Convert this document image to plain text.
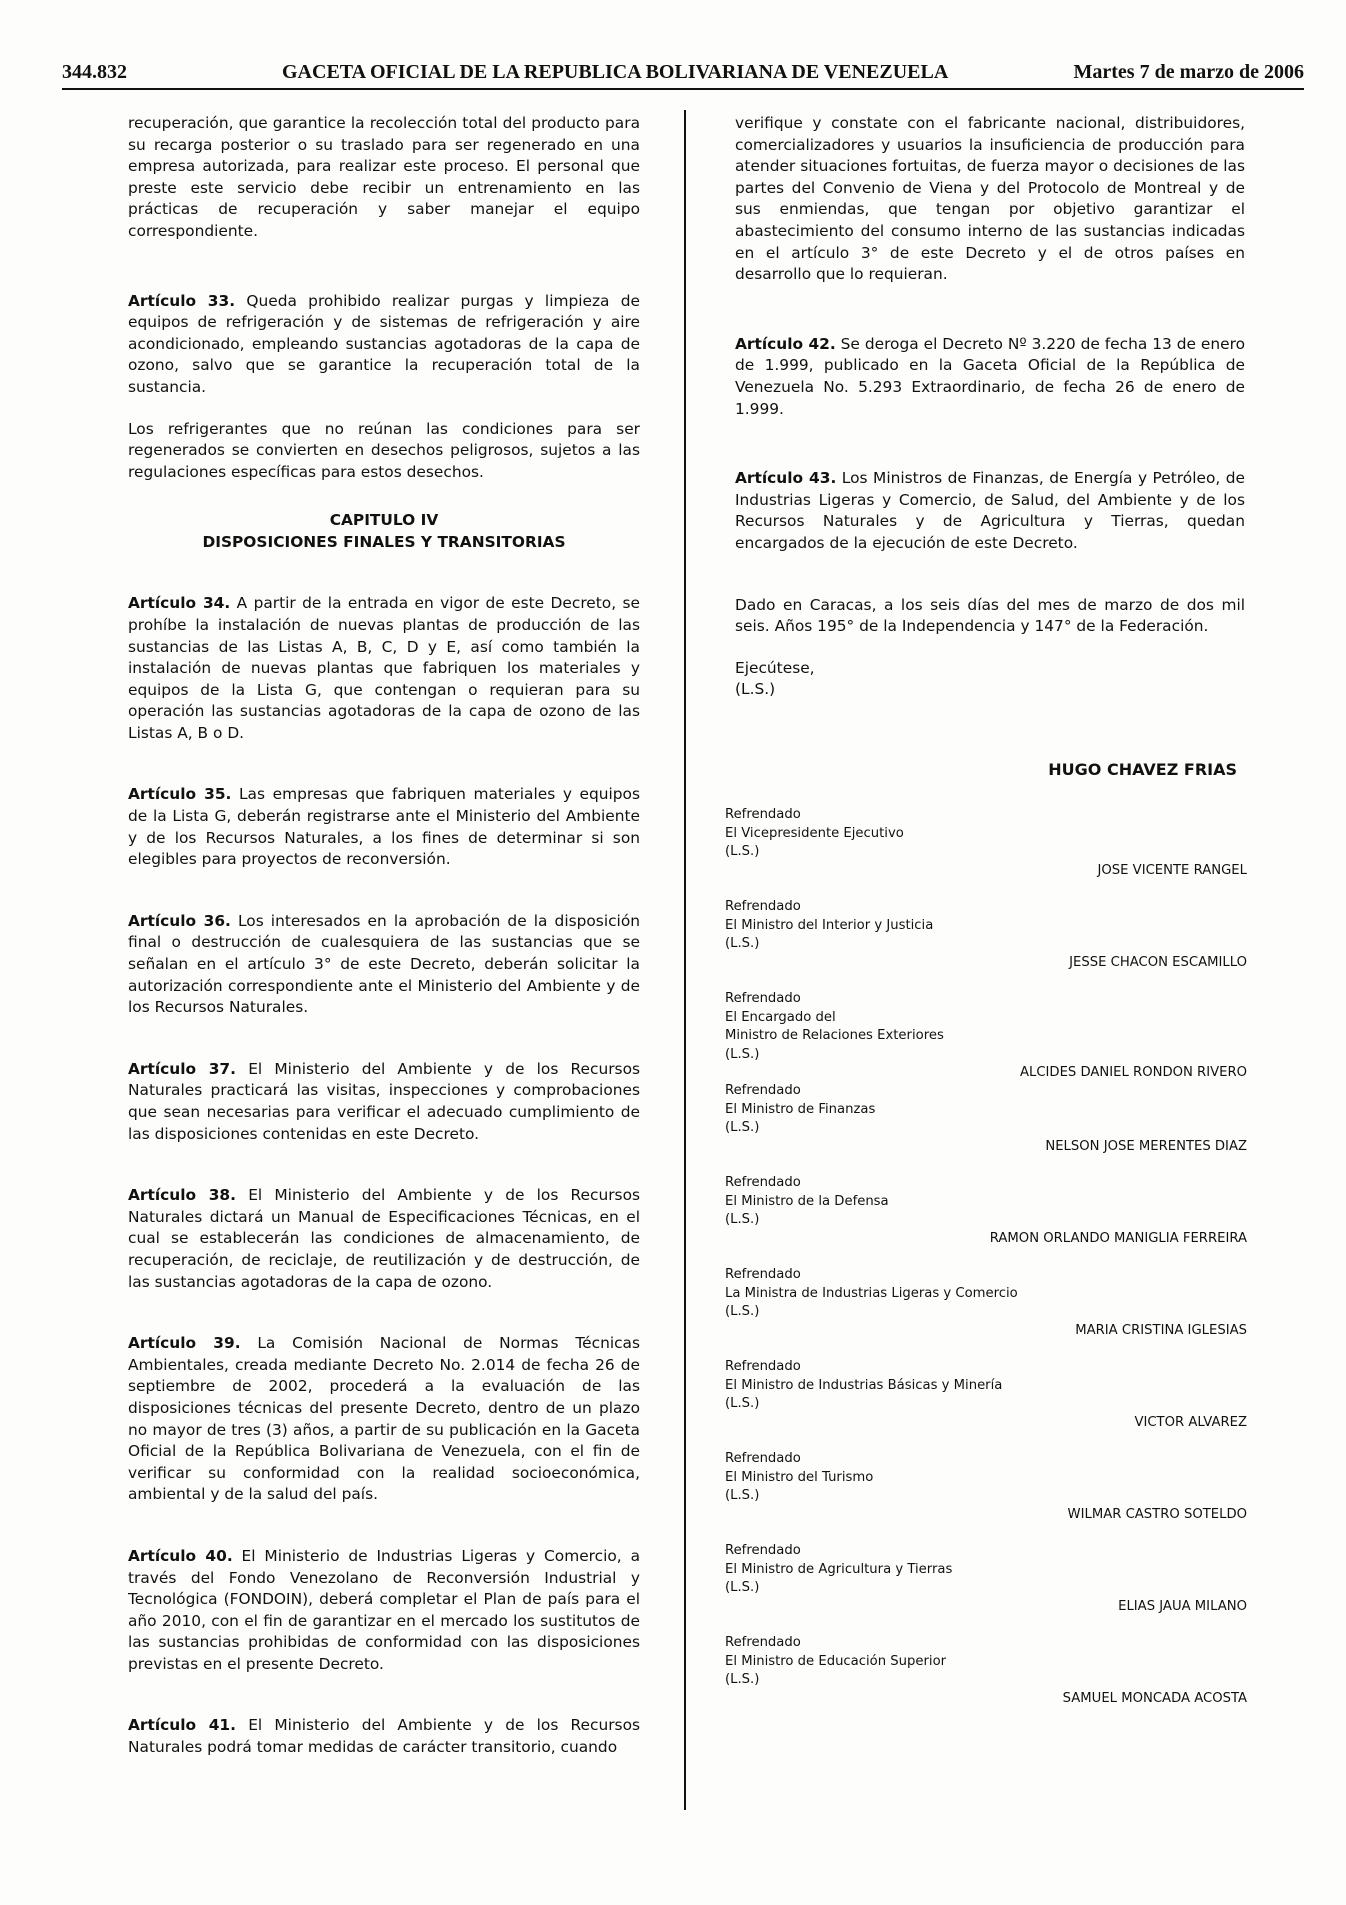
344.832	GACETA OFICIAL DE LA REPUBLICA BOLIVARIANA DE VENEZUELA	Martes 7 de marzo de 2006

recuperación, que garantice la recolección total del producto para su recarga posterior o su traslado para ser regenerado en una empresa autorizada, para realizar este proceso. El personal que preste este servicio debe recibir un entrenamiento en las prácticas de recuperación y saber manejar el equipo correspondiente.

Artículo 33. Queda prohibido realizar purgas y limpieza de equipos de refrigeración y de sistemas de refrigeración y aire acondicionado, empleando sustancias agotadoras de la capa de ozono, salvo que se garantice la recuperación total de la sustancia.

Los refrigerantes que no reúnan las condiciones para ser regenerados se convierten en desechos peligrosos, sujetos a las regulaciones específicas para estos desechos.

CAPITULO IV
DISPOSICIONES FINALES Y TRANSITORIAS

Artículo 34. A partir de la entrada en vigor de este Decreto, se prohíbe la instalación de nuevas plantas de producción de las sustancias de las Listas A, B, C, D y E, así como también la instalación de nuevas plantas que fabriquen los materiales y equipos de la Lista G, que contengan o requieran para su operación las sustancias agotadoras de la capa de ozono de las Listas A, B o D.

Artículo 35. Las empresas que fabriquen materiales y equipos de la Lista G, deberán registrarse ante el Ministerio del Ambiente y de los Recursos Naturales, a los fines de determinar si son elegibles para proyectos de reconversión.

Artículo 36. Los interesados en la aprobación de la disposición final o destrucción de cualesquiera de las sustancias que se señalan en el artículo 3° de este Decreto, deberán solicitar la autorización correspondiente ante el Ministerio del Ambiente y de los Recursos Naturales.

Artículo 37. El Ministerio del Ambiente y de los Recursos Naturales practicará las visitas, inspecciones y comprobaciones que sean necesarias para verificar el adecuado cumplimiento de las disposiciones contenidas en este Decreto.

Artículo 38. El Ministerio del Ambiente y de los Recursos Naturales dictará un Manual de Especificaciones Técnicas, en el cual se establecerán las condiciones de almacenamiento, de recuperación, de reciclaje, de reutilización y de destrucción, de las sustancias agotadoras de la capa de ozono.

Artículo 39. La Comisión Nacional de Normas Técnicas Ambientales, creada mediante Decreto No. 2.014 de fecha 26 de septiembre de 2002, procederá a la evaluación de las disposiciones técnicas del presente Decreto, dentro de un plazo no mayor de tres (3) años, a partir de su publicación en la Gaceta Oficial de la República Bolivariana de Venezuela, con el fin de verificar su conformidad con la realidad socioeconómica, ambiental y de la salud del país.

Artículo 40. El Ministerio de Industrias Ligeras y Comercio, a través del Fondo Venezolano de Reconversión Industrial y Tecnológica (FONDOIN), deberá completar el Plan de país para el año 2010, con el fin de garantizar en el mercado los sustitutos de las sustancias prohibidas de conformidad con las disposiciones previstas en el presente Decreto.

Artículo 41. El Ministerio del Ambiente y de los Recursos Naturales podrá tomar medidas de carácter transitorio, cuando

verifique y constate con el fabricante nacional, distribuidores, comercializadores y usuarios la insuficiencia de producción para atender situaciones fortuitas, de fuerza mayor o decisiones de las partes del Convenio de Viena y del Protocolo de Montreal y de sus enmiendas, que tengan por objetivo garantizar el abastecimiento del consumo interno de las sustancias indicadas en el artículo 3° de este Decreto y el de otros países en desarrollo que lo requieran.

Artículo 42. Se deroga el Decreto Nº 3.220 de fecha 13 de enero de 1.999, publicado en la Gaceta Oficial de la República de Venezuela No. 5.293 Extraordinario, de fecha 26 de enero de 1.999.

Artículo 43. Los Ministros de Finanzas, de Energía y Petróleo, de Industrias Ligeras y Comercio, de Salud, del Ambiente y de los Recursos Naturales y de Agricultura y Tierras, quedan encargados de la ejecución de este Decreto.

Dado en Caracas, a los seis días del mes de marzo de dos mil seis. Años 195° de la Independencia y 147° de la Federación.

Ejecútese,

(L.S.)

HUGO CHAVEZ FRIAS
Refrendado
El Vicepresidente Ejecutivo
(L.S.)
JOSE VICENTE RANGEL
Refrendado
El Ministro del Interior y Justicia
(L.S.)
JESSE CHACON ESCAMILLO
Refrendado
El Encargado del
Ministro de Relaciones Exteriores
(L.S.)
ALCIDES DANIEL RONDON RIVERO
Refrendado
El Ministro de Finanzas
(L.S.)
NELSON JOSE MERENTES DIAZ
Refrendado
El Ministro de la Defensa
(L.S.)
RAMON ORLANDO MANIGLIA FERREIRA
Refrendado
La Ministra de Industrias Ligeras y Comercio
(L.S.)
MARIA CRISTINA IGLESIAS
Refrendado
El Ministro de Industrias Básicas y Minería
(L.S.)
VICTOR ALVAREZ
Refrendado
El Ministro del Turismo
(L.S.)
WILMAR CASTRO SOTELDO
Refrendado
El Ministro de Agricultura y Tierras
(L.S.)
ELIAS JAUA MILANO
Refrendado
El Ministro de Educación Superior
(L.S.)
SAMUEL MONCADA ACOSTA
